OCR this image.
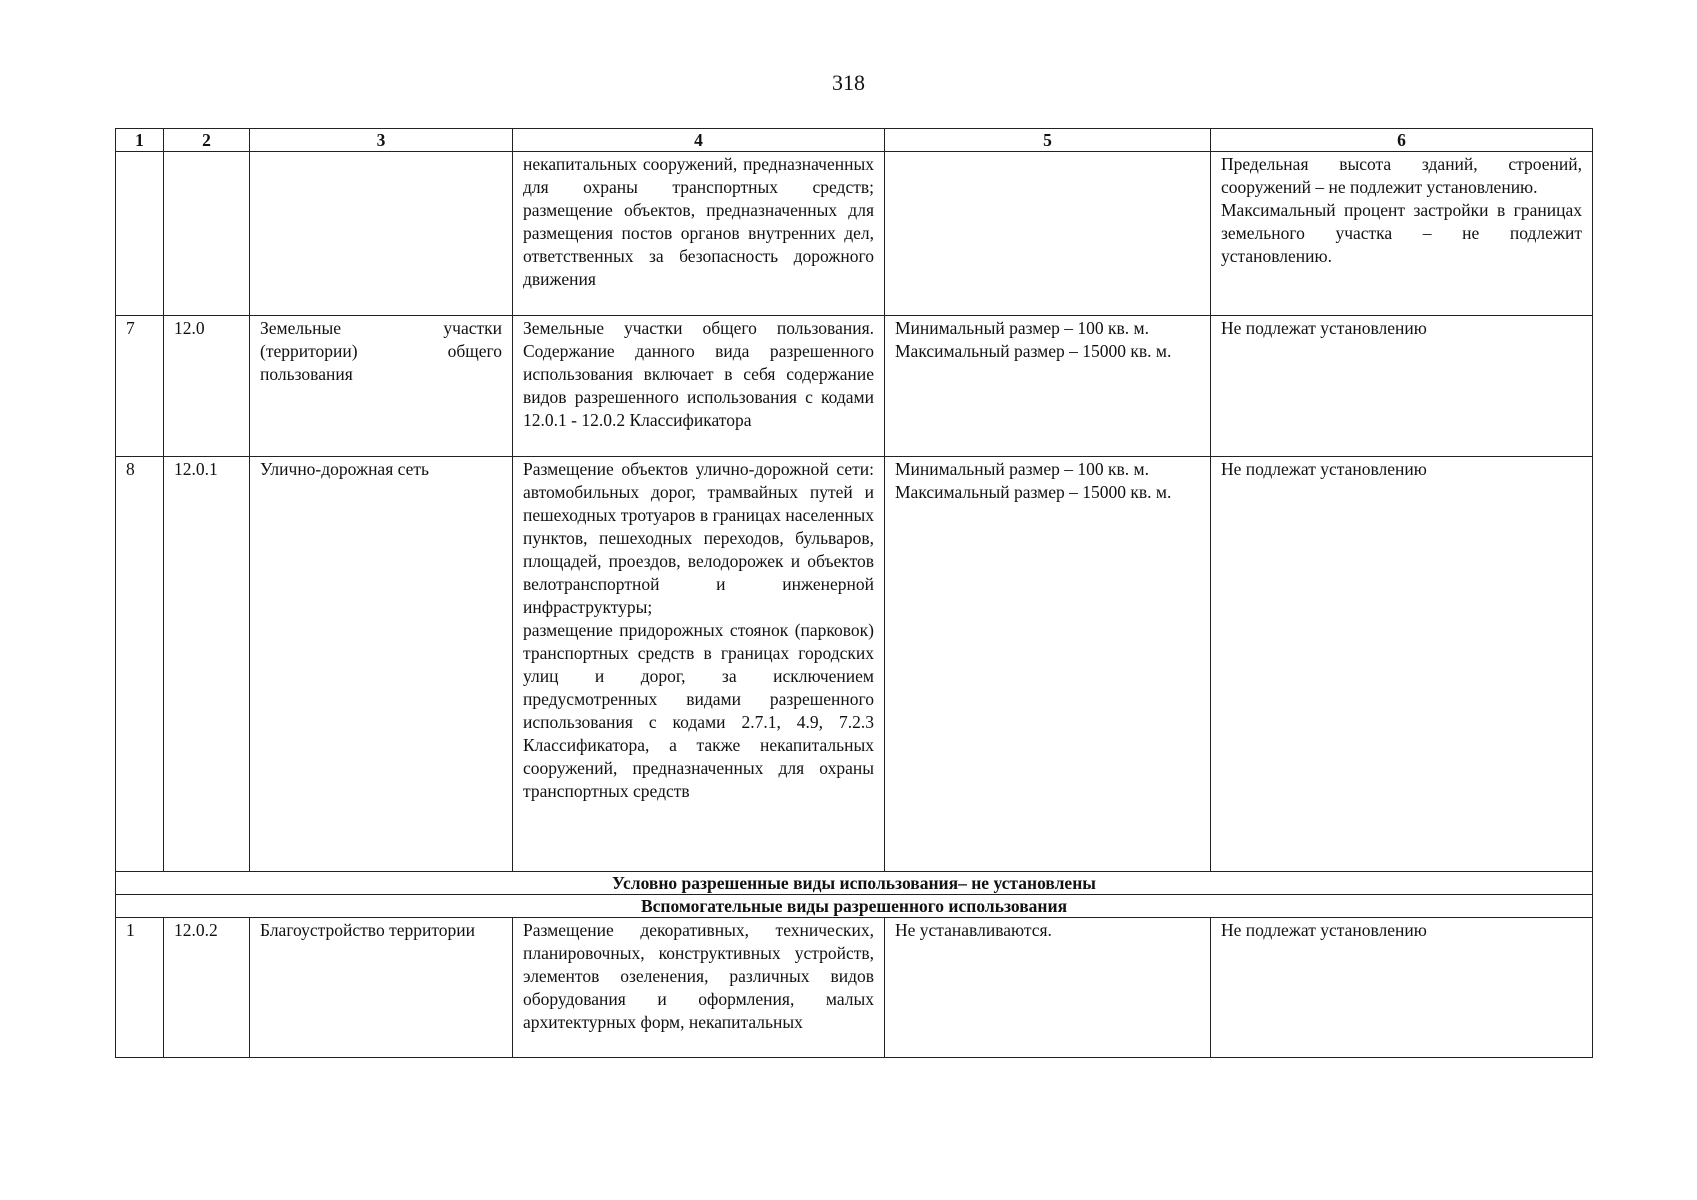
318
1	2	3	4	5	6
			некапитальных сооружений, предназначенных для охраны транспортных средств; размещение объектов, предназначенных для размещения постов органов внутренних дел, ответственных за безопасность дорожного движения		Предельная высота зданий, строений, сооружений – не подлежит установлению.
Максимальный процент застройки в границах земельного участка – не подлежит установлению.

7	12.0	Земельные участки (территории) общего пользования	Земельные участки общего пользования. Содержание данного вида разрешенного использования включает в себя содержание видов разрешенного использования с кодами 12.0.1 - 12.0.2 Классификатора	Минимальный размер – 100 кв. м.
Максимальный размер – 15000 кв. м.	Не подлежат установлению

8	12.0.1	Улично-дорожная сеть	Размещение объектов улично-дорожной сети: автомобильных дорог, трамвайных путей и пешеходных тротуаров в границах населенных пунктов, пешеходных переходов, бульваров, площадей, проездов, велодорожек и объектов велотранспортной и инженерной инфраструктуры;
размещение придорожных стоянок (парковок) транспортных средств в границах городских улиц и дорог, за исключением предусмотренных видами разрешенного использования с кодами 2.7.1, 4.9, 7.2.3 Классификатора, а также некапитальных сооружений, предназначенных для охраны транспортных средств	Минимальный размер – 100 кв. м.
Максимальный размер – 15000 кв. м.	Не подлежат установлению

Условно разрешенные виды использования– не установлены					
Вспомогательные виды разрешенного использования					
1	12.0.2	Благоустройство территории	Размещение декоративных, технических, планировочных, конструктивных устройств, элементов озеленения, различных видов оборудования и оформления, малых архитектурных форм, некапитальных	Не устанавливаются.	Не подлежат установлению
